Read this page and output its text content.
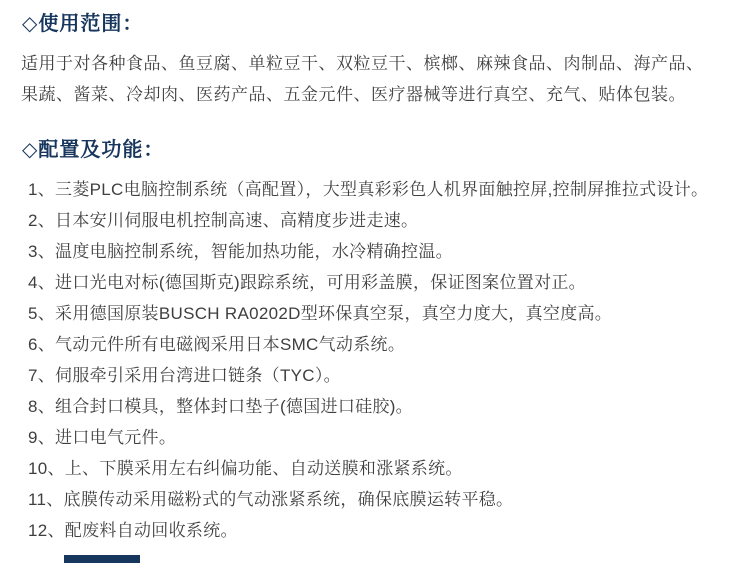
◇使用范围：

适用于对各种食品、鱼豆腐、单粒豆干、双粒豆干、槟榔、麻辣食品、肉制品、海产品、果蔬、酱菜、冷却肉、医药产品、五金元件、医疗器械等进行真空、充气、贴体包装。

◇配置及功能：
1、三菱PLC电脑控制系统（高配置），大型真彩彩色人机界面触控屏,控制屏推拉式设计。
2、日本安川伺服电机控制高速、高精度步进走速。
3、温度电脑控制系统，智能加热功能，水冷精确控温。
4、进口光电对标(德国斯克)跟踪系统，可用彩盖膜，保证图案位置对正。
5、采用德国原装BUSCH RA0202D型环保真空泵，真空力度大，真空度高。
6、气动元件所有电磁阀采用日本SMC气动系统。
7、伺服牵引采用台湾进口链条（TYC）。
8、组合封口模具，整体封口垫子(德国进口硅胶)。
9、进口电气元件。
10、上、下膜采用左右纠偏功能、自动送膜和涨紧系统。
11、底膜传动采用磁粉式的气动涨紧系统，确保底膜运转平稳。
12、配废料自动回收系统。
